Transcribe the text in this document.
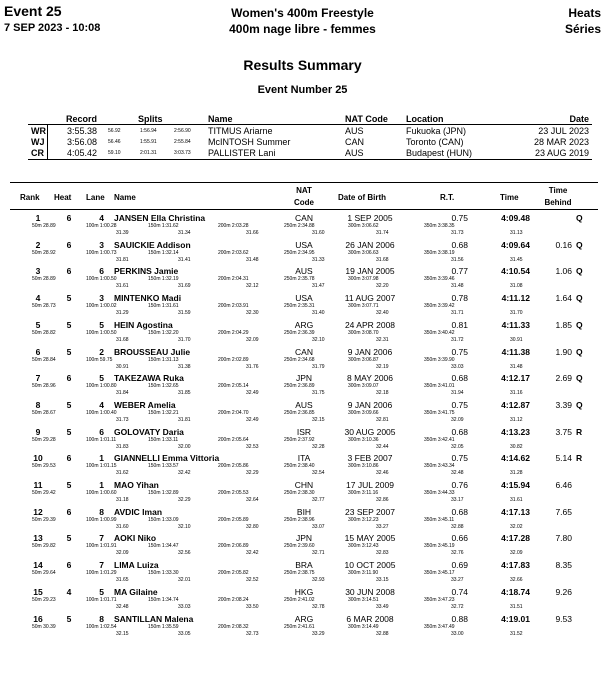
Event 25
7 SEP 2023 - 10:08
Women's 400m Freestyle
400m nage libre - femmes
Heats
Séries
Results Summary
Event Number 25
Record	Splits	Name	NAT Code Location	Date
WR 3:55.38 56.92	1:56.94	2:56.90 TITMUS Ariarne	AUS	Fukuoka (JPN)	23 JUL 2023
WJ	3:56.08 56.46	1:55.91	2:55.84 McINTOSH Summer	CAN	Toronto (CAN)	28 MAR 2023
CR	4:05.42 59.10	2:01.31	3:03.73 PALLISTER Lani	AUS	Budapest (HUN)	23 AUG 2019
Rank Heat Lane Name
NAT
Code
Date of Birth	R.T.	Time
Time
Behind
1	6	4 JANSEN Ella Christina	CAN	1 SEP 2005	0.75	4:09.48	Q
50m 28.89	100m 1:00.28	150m 1:31.62	200m 2:03.28	250m 2:34.88	300m 3:06.62	350m 3:38.35
31.39	31.34	31.66	31.60	31.74	31.73	31.13
2	6	3 SAUICKIE Addison	USA	26 JAN 2006	0.68	4:09.64	0.16 Q
50m 28.92	100m 1:00.73	150m 1:32.14	200m 2:03.62	250m 2:34.95	300m 3:06.63	350m 3:38.19
31.81	31.41	31.48	31.33	31.68	31.56	31.45
3	6	6 PERKINS Jamie	AUS	19 JAN 2005	0.77	4:10.54	1.06 Q
50m 28.89	100m 1:00.50	150m 1:32.19	200m 2:04.31	250m 2:35.78	300m 3:07.98	350m 3:39.46
31.61	31.69	32.12	31.47	32.20	31.48	31.08
4	5	3 MINTENKO Madi	USA	11 AUG 2007	0.78	4:11.12	1.64 Q
50m 28.73	100m 1:00.02	150m 1:31.61	200m 2:03.91	250m 2:35.31	300m 3:07.71	350m 3:39.42
31.29	31.59	32.30	31.40	32.40	31.71	31.70
5	5	5 HEIN Agostina	ARG	24 APR 2008	0.81	4:11.33	1.85 Q
50m 28.82	100m 1:00.50	150m 1:32.20	200m 2:04.29	250m 2:36.39	300m 3:08.70	350m 3:40.42
31.68	31.70	32.09	32.10	32.31	31.72	30.91
6	5	2 BROUSSEAU Julie	CAN	9 JAN 2006	0.75	4:11.38	1.90 Q
50m 28.84	100m 59.75	150m 1:31.13	200m 2:02.89	250m 2:34.68	300m 3:06.87	350m 3:39.90
30.91	31.38	31.76	31.79	32.19	33.03	31.48
7	6	5 TAKEZAWA Ruka	JPN	8 MAY 2006	0.68	4:12.17	2.69 Q
50m 28.96	100m 1:00.80	150m 1:32.65	200m 2:05.14	250m 2:36.89	300m 3:09.07	350m 3:41.01
31.84	31.85	32.49	31.75	32.18	31.94	31.16
8	5	4 WEBER Amelia	AUS	9 JAN 2006	0.75	4:12.87	3.39 Q
50m 28.67	100m 1:00.40	150m 1:32.21	200m 2:04.70	250m 2:36.85	300m 3:09.66	350m 3:41.75
31.73	31.81	32.49	32.15	32.81	32.09	31.12
9	5	6 GOLOVATY Daria	ISR	30 AUG 2005	0.68	4:13.23	3.75 R
50m 29.28	100m 1:01.11	150m 1:33.11	200m 2:05.64	250m 2:37.92	300m 3:10.36	350m 3:42.41
31.83	32.00	32.53	32.28	32.44	32.05	30.82
10	6	1 GIANNELLI Emma Vittoria	ITA	3 FEB 2007	0.75	4:14.62	5.14 R
50m 29.53	100m 1:01.15	150m 1:33.57	200m 2:05.86	250m 2:38.40	300m 3:10.86	350m 3:43.34
31.62	32.42	32.29	32.54	32.46	32.48	31.28
11	5	1 MAO Yihan	CHN	17 JUL 2009	0.76	4:15.94	6.46
50m 29.42	100m 1:00.60	150m 1:32.89	200m 2:05.53	250m 2:38.30	300m 3:11.16	350m 3:44.33
31.18	32.29	32.64	32.77	32.86	33.17	31.61
12	6	8 AVDIC Iman	BIH	23 SEP 2007	0.68	4:17.13	7.65
50m 29.39	100m 1:00.99	150m 1:33.09	200m 2:05.89	250m 2:38.96	300m 3:12.23	350m 3:45.11
31.60	32.10	32.80	33.07	33.27	32.88	32.02
13	5	7 AOKI Niko	JPN	15 MAY 2005	0.66	4:17.28	7.80
50m 29.82	100m 1:01.91	150m 1:34.47	200m 2:06.89	250m 2:39.60	300m 3:12.43	350m 3:45.19
32.09	32.56	32.42	32.71	32.83	32.76	32.09
14	6	7 LIMA Luiza	BRA	10 OCT 2005	0.69	4:17.83	8.35
50m 29.64	100m 1:01.29	150m 1:33.30	200m 2:05.82	250m 2:38.75	300m 3:11.90	350m 3:45.17
31.65	32.01	32.52	32.93	33.15	33.27	32.66
15	4	5 MA Gilaine	HKG	30 JUN 2008	0.74	4:18.74	9.26
50m 29.23	100m 1:01.71	150m 1:34.74	200m 2:08.24	250m 2:41.02	300m 3:14.51	350m 3:47.23
32.48	33.03	33.50	32.78	33.49	32.72	31.51
16	5	8 SANTILLAN Malena	ARG	6 MAR 2008	0.88	4:19.01	9.53
50m 30.39	100m 1:02.54	150m 1:35.59	200m 2:08.32	250m 2:41.61	300m 3:14.49	350m 3:47.49
32.15	33.05	32.73	33.29	32.88	33.00	31.52
